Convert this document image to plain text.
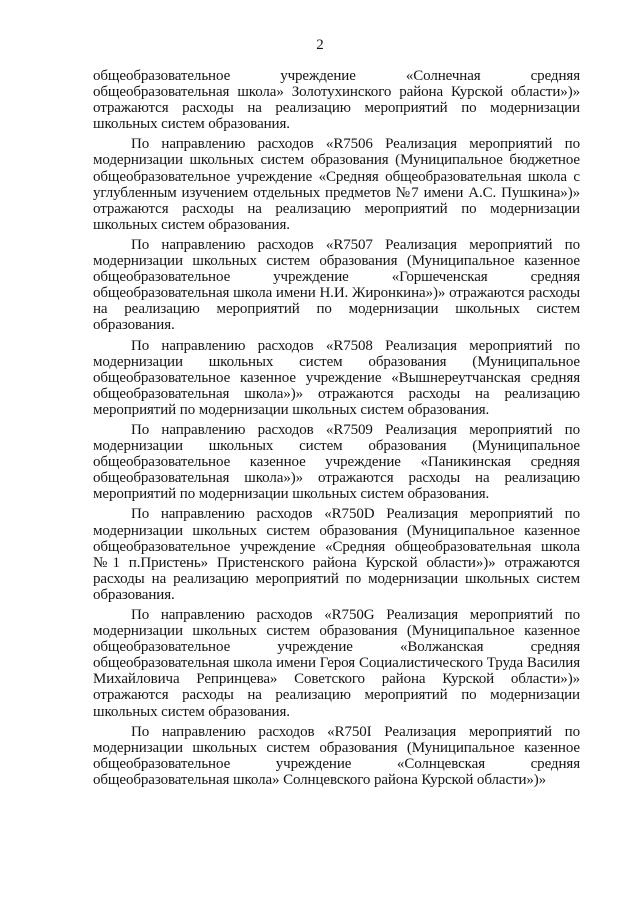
2

общеобразовательное учреждение «Солнечная средняя общеобразовательная школа» Золотухинского района Курской области»)» отражаются расходы на реализацию мероприятий по модернизации школьных систем образования.

По направлению расходов «R7506 Реализация мероприятий по модернизации школьных систем образования (Муниципальное бюджетное общеобразовательное учреждение «Средняя общеобразовательная школа с углубленным изучением отдельных предметов №7 имени А.С. Пушкина»)» отражаются расходы на реализацию мероприятий по модернизации школьных систем образования.

По направлению расходов «R7507 Реализация мероприятий по модернизации школьных систем образования (Муниципальное казенное общеобразовательное учреждение «Горшеченская средняя общеобразовательная школа имени Н.И. Жиронкина»)» отражаются расходы на реализацию мероприятий по модернизации школьных систем образования.

По направлению расходов «R7508 Реализация мероприятий по модернизации школьных систем образования (Муниципальное общеобразовательное казенное учреждение «Вышнереутчанская средняя общеобразовательная школа»)» отражаются расходы на реализацию мероприятий по модернизации школьных систем образования.

По направлению расходов «R7509 Реализация мероприятий по модернизации школьных систем образования (Муниципальное общеобразовательное казенное учреждение «Паникинская средняя общеобразовательная школа»)» отражаются расходы на реализацию мероприятий по модернизации школьных систем образования.

По направлению расходов «R750D Реализация мероприятий по модернизации школьных систем образования (Муниципальное казенное общеобразовательное учреждение «Средняя общеобразовательная школа №1 п.Пристень» Пристенского района Курской области»)» отражаются расходы на реализацию мероприятий по модернизации школьных систем образования.

По направлению расходов «R750G Реализация мероприятий по модернизации школьных систем образования (Муниципальное казенное общеобразовательное учреждение «Волжанская средняя общеобразовательная школа имени Героя Социалистического Труда Василия Михайловича Репринцева» Советского района Курской области»)» отражаются расходы на реализацию мероприятий по модернизации школьных систем образования.

По направлению расходов «R750I Реализация мероприятий по модернизации школьных систем образования (Муниципальное казенное общеобразовательное учреждение «Солнцевская средняя общеобразовательная школа» Солнцевского района Курской области»)»
